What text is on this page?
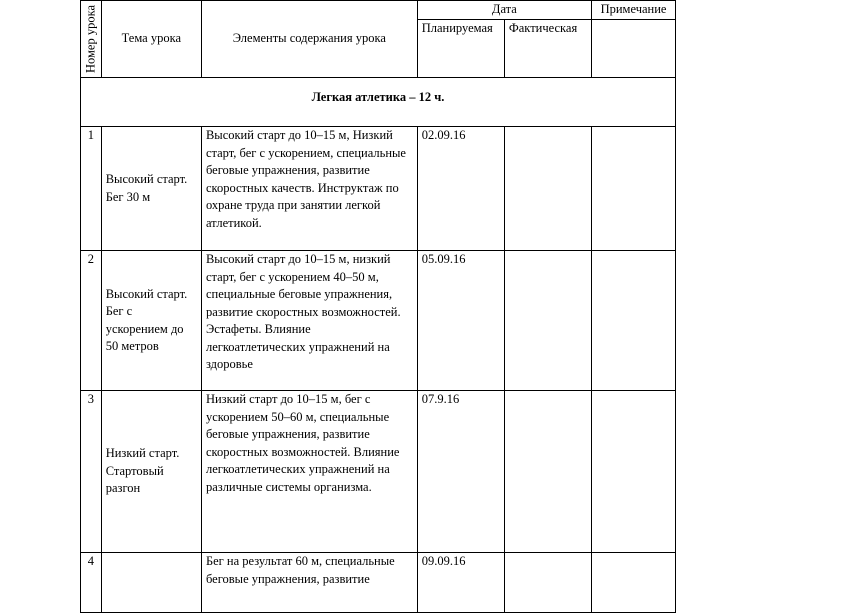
Номер урока	Тема урока	Элементы содержания урока	Дата		Примечание
			Планируемая	Фактическая	
Легкая атлетика – 12 ч.					
1	Высокий старт. Бег 30 м	Высокий старт до 10–15 м, Низкий старт, бег с ускорением, специальные беговые упражнения, развитие скоростных качеств. Инструктаж по охране труда при занятии легкой атлетикой.	02.09.16		
2	Высокий старт. Бег с ускорением до 50 метров	Высокий старт до 10–15 м, низкий старт, бег с ускорением 40–50 м, специальные беговые упражнения, развитие скоростных возможностей. Эстафеты. Влияние легкоатлетических упражнений на здоровье	05.09.16		
3	Низкий старт. Стартовый разгон	Низкий старт до 10–15 м, бег с ускорением 50–60 м, специальные беговые упражнения, развитие скоростных возможностей. Влияние легкоатлетических упражнений на различные системы организма.	07.9.16		
4		Бег на результат 60 м, специальные беговые упражнения, развитие	09.09.16		
